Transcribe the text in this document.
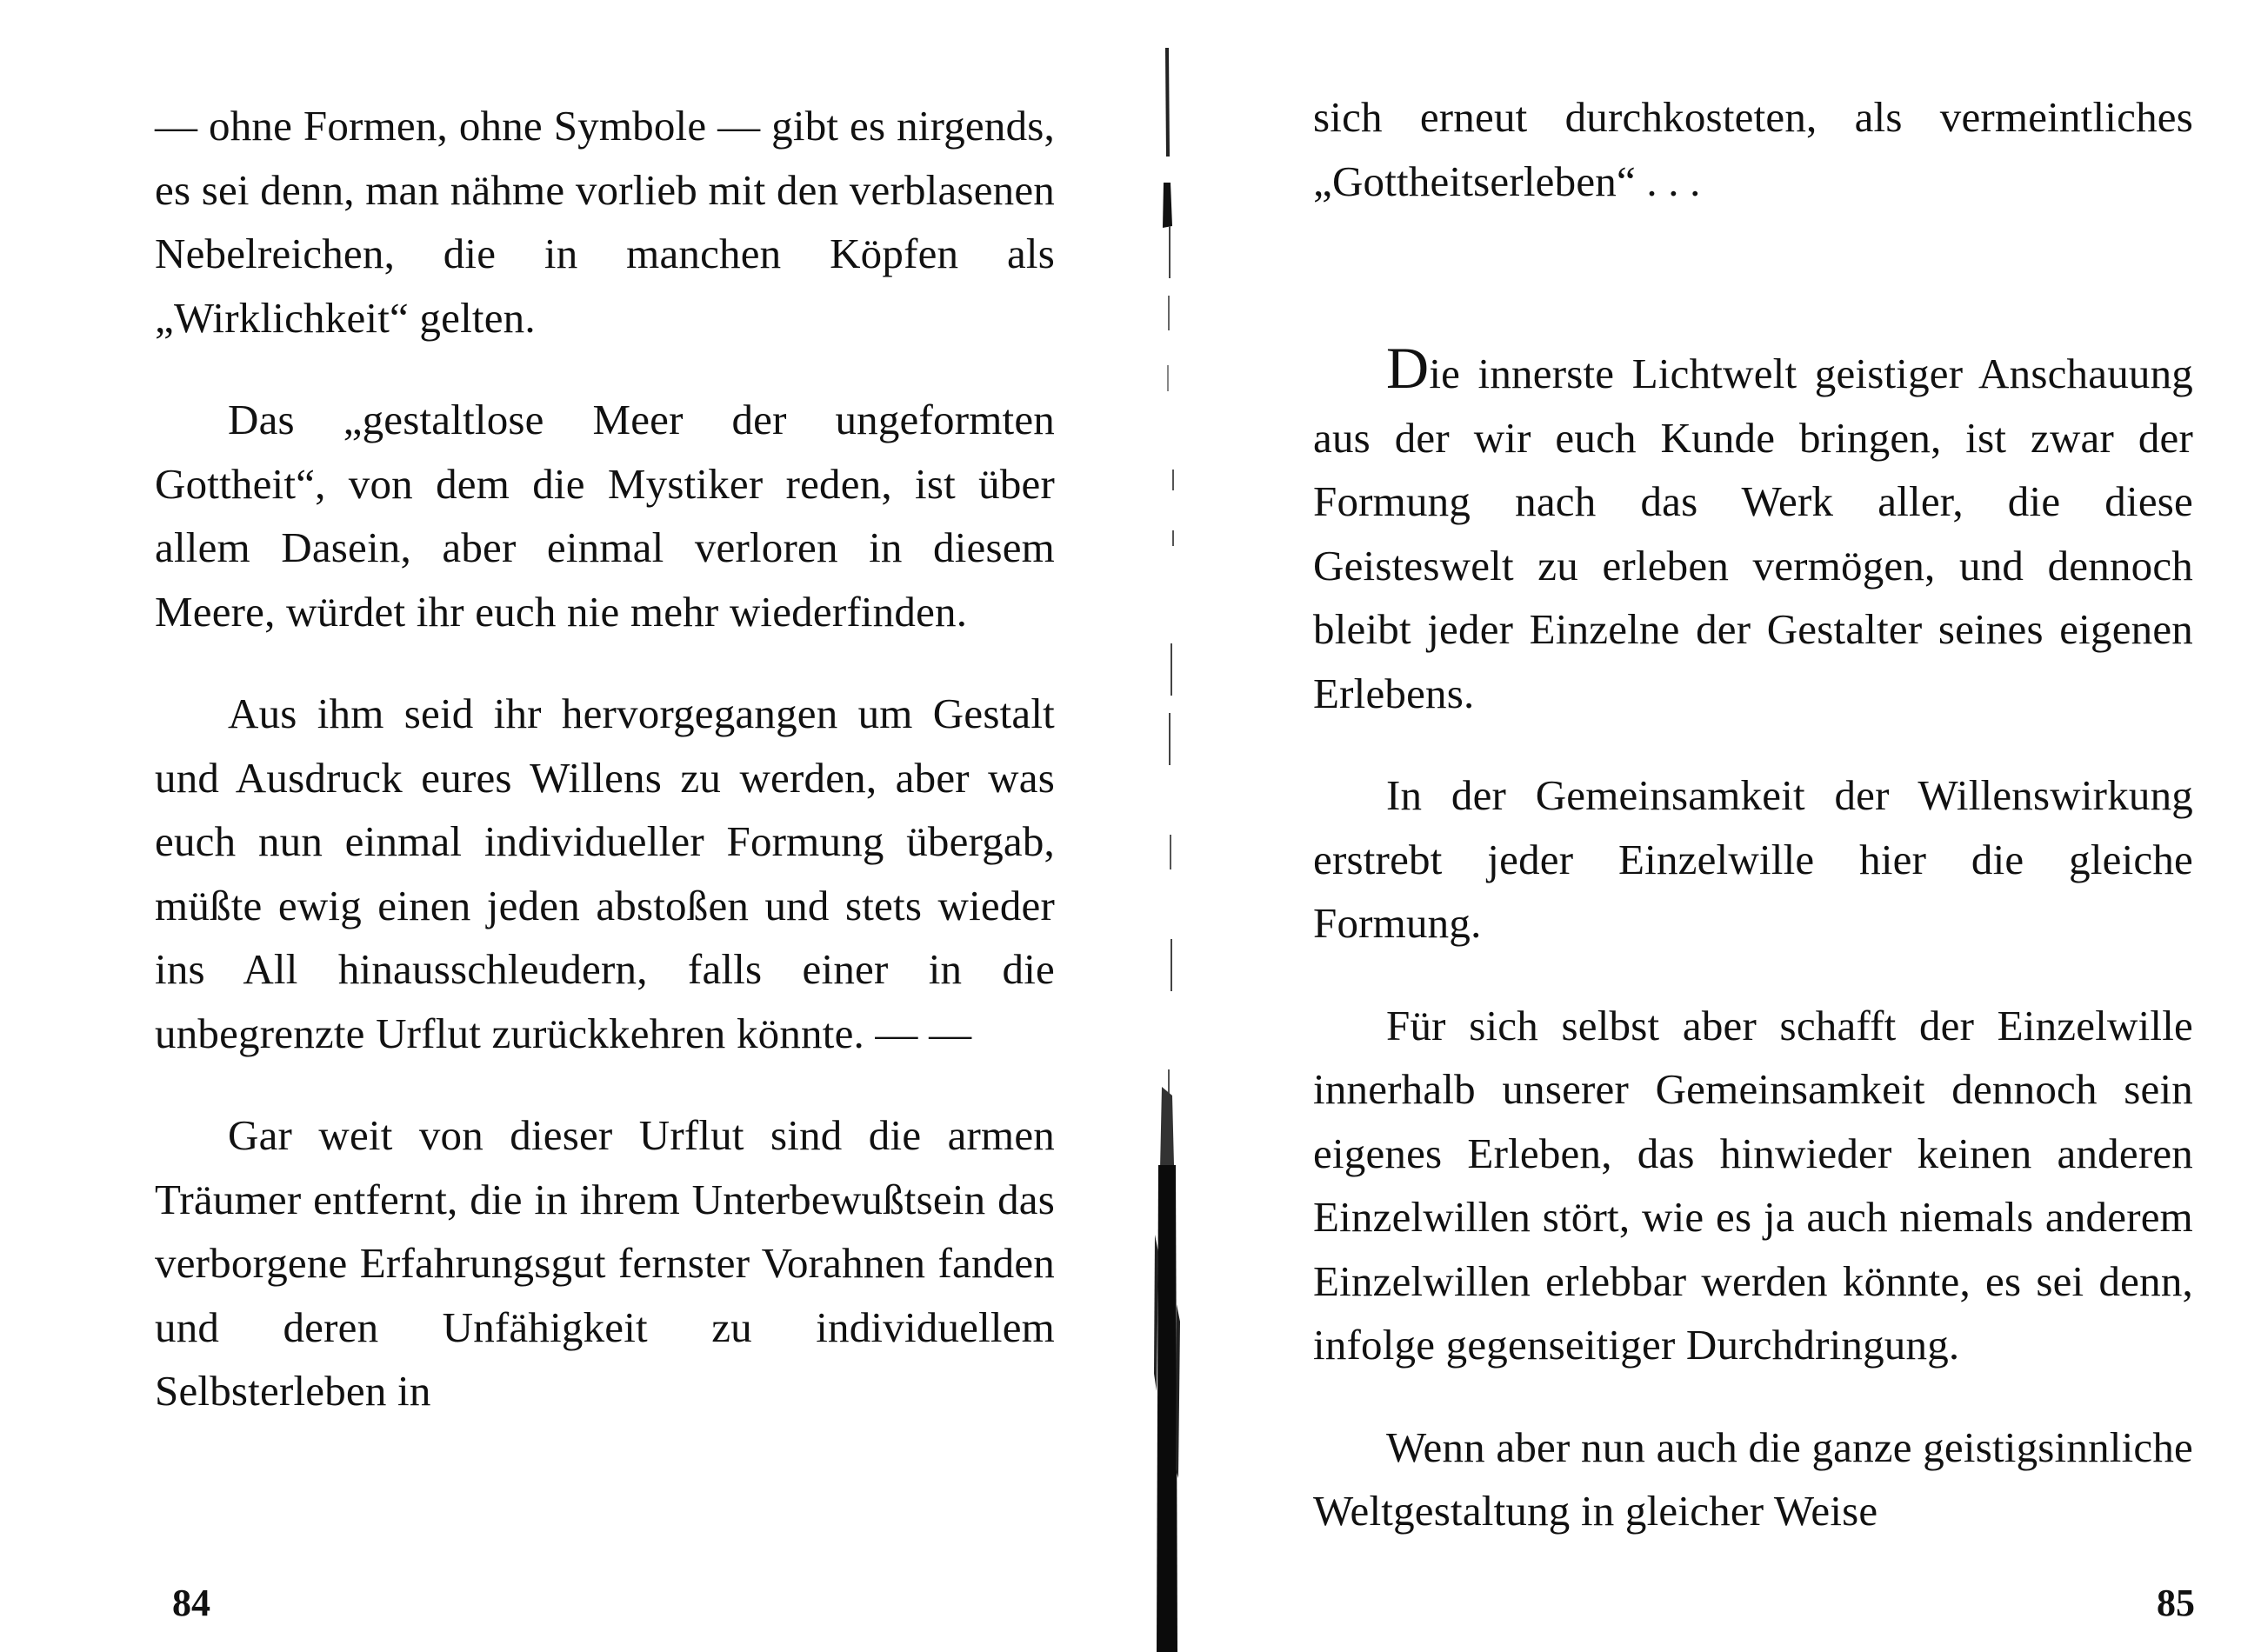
— ohne Formen, ohne Symbole — gibt es nirgends, es sei denn, man nähme vorlieb mit den verblasenen Nebelreichen, die in manchen Köpfen als „Wirklichkeit“ gelten.

Das „gestaltlose Meer der ungeformten Gottheit“, von dem die Mystiker reden, ist über allem Dasein, aber einmal verloren in diesem Meere, würdet ihr euch nie mehr wiederfinden.

Aus ihm seid ihr hervorgegangen um Gestalt und Ausdruck eures Willens zu werden, aber was euch nun einmal individueller Formung übergab, müßte ewig einen jeden abstoßen und stets wieder ins All hinausschleudern, falls einer in die unbegrenzte Urflut zurückkehren könnte. — —

Gar weit von dieser Urflut sind die armen Träumer entfernt, die in ihrem Unterbewußtsein das verborgene Erfahrungsgut fernster Vorahnen fanden und deren Unfähigkeit zu individuellem Selbsterleben in

84

sich erneut durchkosteten, als vermeintliches „Gottheitserleben“ . . .

Die innerste Lichtwelt geistiger Anschauung aus der wir euch Kunde bringen, ist zwar der Formung nach das Werk aller, die diese Geisteswelt zu erleben vermögen, und dennoch bleibt jeder Einzelne der Gestalter seines eigenen Erlebens.

In der Gemeinsamkeit der Willenswirkung erstrebt jeder Einzelwille hier die gleiche Formung.

Für sich selbst aber schafft der Einzelwille innerhalb unserer Gemeinsamkeit dennoch sein eigenes Erleben, das hinwieder keinen anderen Einzelwillen stört, wie es ja auch niemals anderem Einzelwillen erlebbar werden könnte, es sei denn, infolge gegenseitiger Durchdringung.

Wenn aber nun auch die ganze geistigsinnliche Weltgestaltung in gleicher Weise

85
